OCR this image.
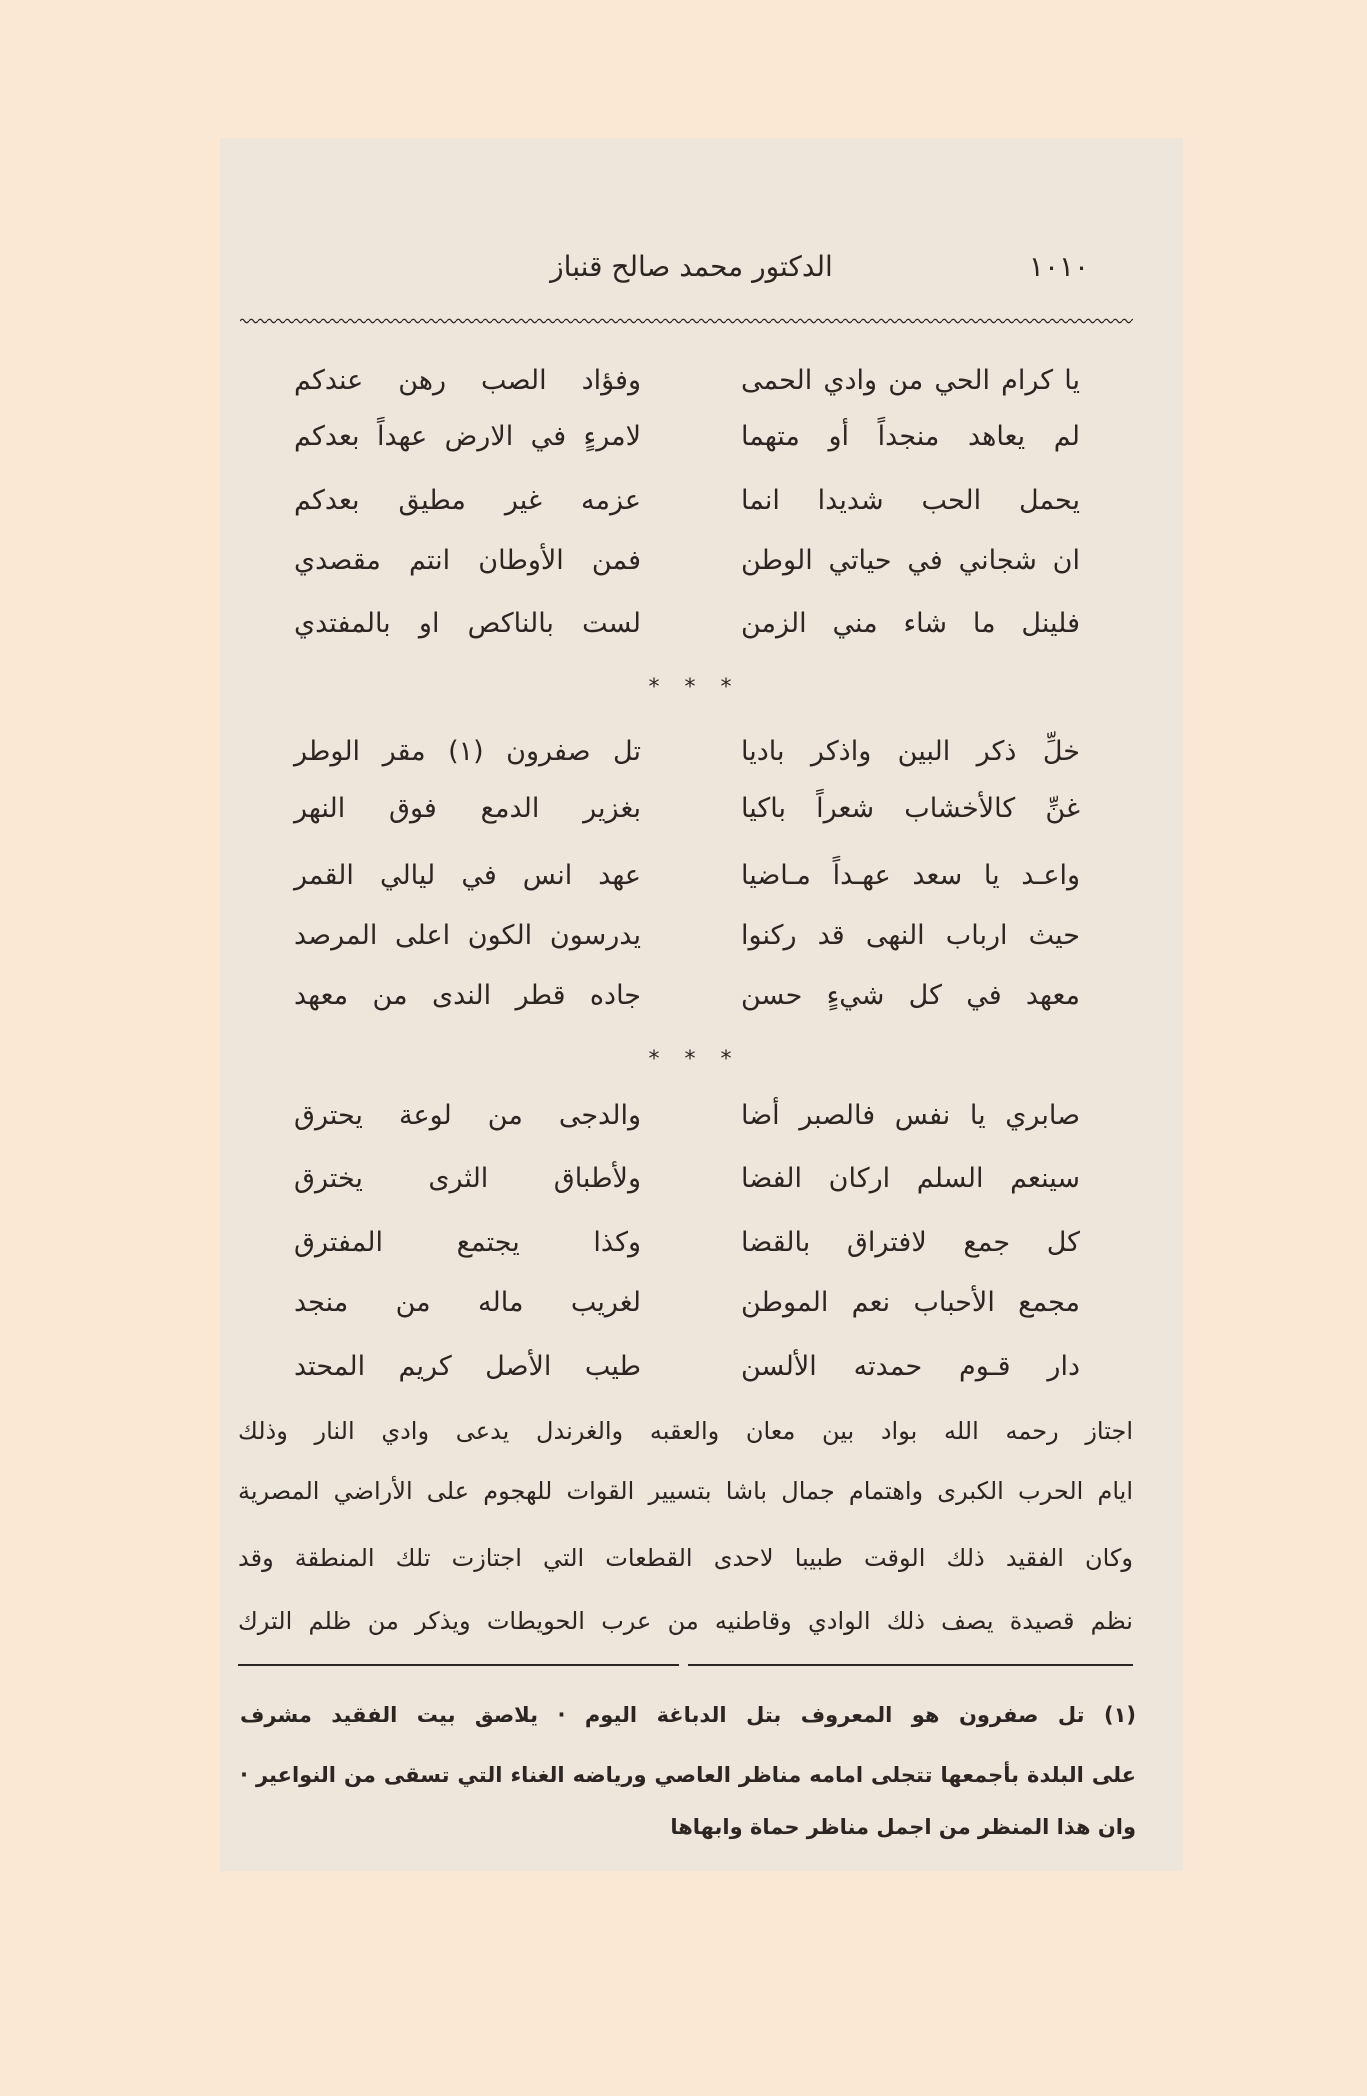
١٠١٠
الدكتور محمد صالح قنباز
يا كرام الحي من وادي الحمى
وفؤاد الصب رهن عندكم
لم يعاهد منجداً أو متهما
لامرءٍ في الارض عهداً بعدكم
يحمل الحب شديدا انما
عزمه غير مطيق بعدكم
ان شجاني في حياتي الوطن
فمن الأوطان انتم مقصدي
فلينل ما شاء مني الزمن
لست بالناكص او بالمفتدي
* * *
خلِّ ذكر البين واذكر باديا
تل صفرون (١) مقر الوطر
غنِّ كالأخشاب شعراً باكيا
بغزير الدمع فوق النهر
واعـد يا سعد عهـداً مـاضيا
عهد انس في ليالي القمر
حيث ارباب النهى قد ركنوا
يدرسون الكون اعلى المرصد
معهد في كل شيءٍ حسن
جاده قطر الندى من معهد
* * *
صابري يا نفس فالصبر أضا
والدجى من لوعة يحترق
سينعم السلم اركان الفضا
ولأطباق الثرى يخترق
كل جمع لافتراق بالقضا
وكذا يجتمع المفترق
مجمع الأحباب نعم الموطن
لغريب ماله من منجد
دار قـوم حمدته الألسن
طيب الأصل كريم المحتد
اجتاز رحمه الله بواد بين معان والعقبه والغرندل يدعى وادي النار وذلك
ايام الحرب الكبرى واهتمام جمال باشا بتسيير القوات للهجوم على الأراضي المصرية
وكان الفقيد ذلك الوقت طبيبا لاحدى القطعات التي اجتازت تلك المنطقة وقد
نظم قصيدة يصف ذلك الوادي وقاطنيه من عرب الحويطات ويذكر من ظلم الترك
(١) تل صفرون هو المعروف بتل الدباغة اليوم · يلاصق بيت الفقيد مشرف
على البلدة بأجمعها تتجلى امامه مناظر العاصي ورياضه الغناء التي تسقى من النواعير ·
وان هذا المنظر من اجمل مناظر حماة وابهاها
